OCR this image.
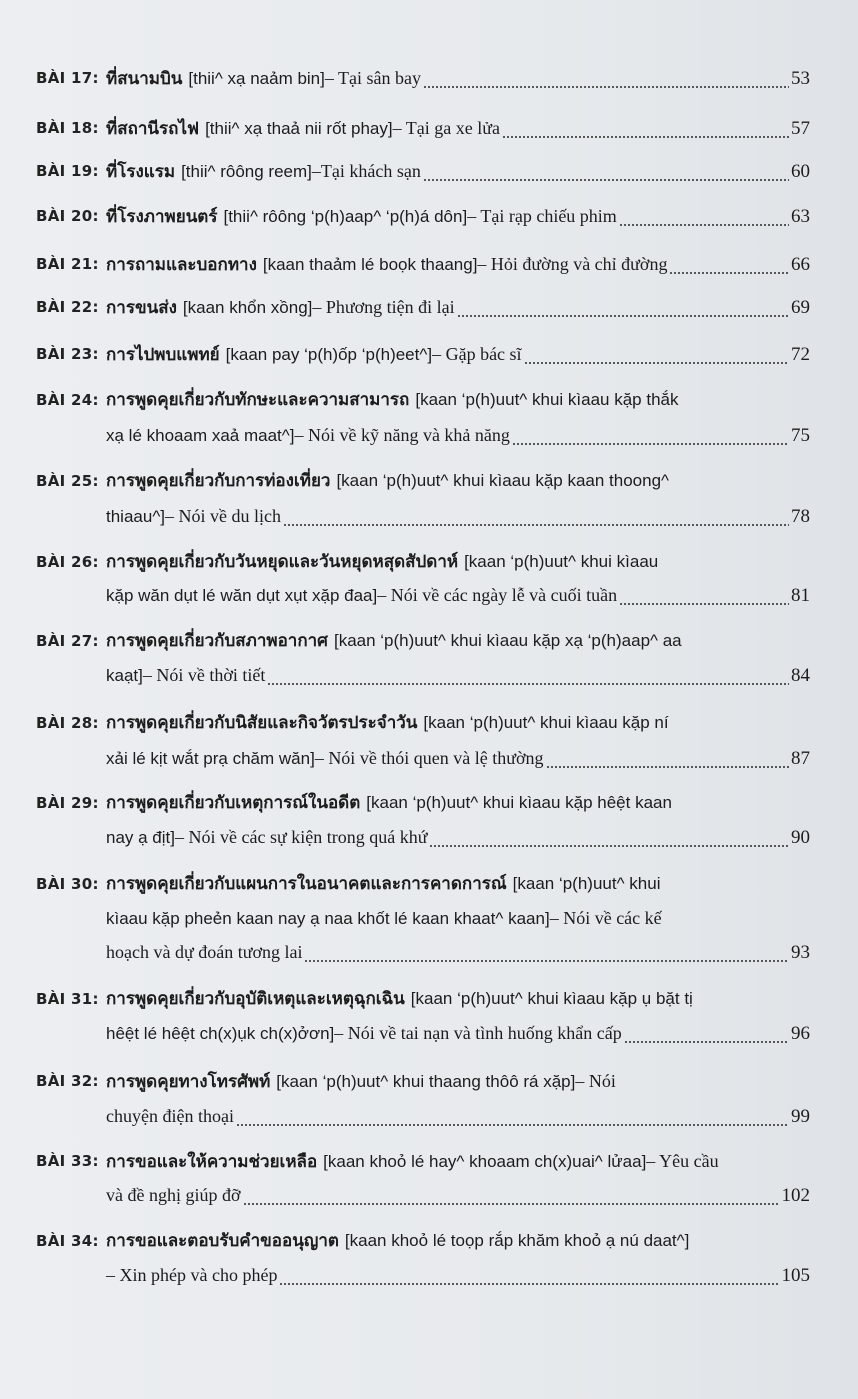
BÀI 17: ที่สนามบิน [thii^ xạ naảm bin] – Tại sân bay	53
BÀI 18: ที่สถานีรถไฟ [thii^ xạ thaả nii rốt phay] – Tại ga xe lửa	57
BÀI 19: ที่โรงแรม [thii^ rôông reem] –Tại khách sạn	60
BÀI 20: ที่โรงภาพยนตร์ [thii^ rôông ‘p(h)aap^ ‘p(h)á dôn] – Tại rạp chiếu phim	63
BÀI 21: การถามและบอกทาง [kaan thaảm lé boọk thaang] – Hỏi đường và chỉ đường	66
BÀI 22: การขนส่ง [kaan khổn xồng] – Phương tiện đi lại	69
BÀI 23: การไปพบแพทย์ [kaan pay ‘p(h)ốp ‘p(h)eet^] – Gặp bác sĩ	72
BÀI 24: การพูดคุยเกี่ยวกับทักษะและความสามารถ [kaan ‘p(h)uut^ khui kìaau kặp thắk
xạ lé khoaam xaả maat^] – Nói về kỹ năng và khả năng	75
BÀI 25: การพูดคุยเกี่ยวกับการท่องเที่ยว [kaan ‘p(h)uut^ khui kìaau kặp kaan thoong^
thiaau^] – Nói về du lịch	78
BÀI 26: การพูดคุยเกี่ยวกับวันหยุดและวันหยุดหสุดสัปดาห์ [kaan ‘p(h)uut^ khui kìaau
kặp wăn dụt lé wăn dụt xụt xặp đaa] – Nói về các ngày lễ và cuối tuần	81
BÀI 27: การพูดคุยเกี่ยวกับสภาพอากาศ [kaan ‘p(h)uut^ khui kìaau kặp xạ ‘p(h)aap^ aa
kaạt] – Nói về thời tiết	84
BÀI 28: การพูดคุยเกี่ยวกับนิสัยและกิจวัตรประจำวัน [kaan ‘p(h)uut^ khui kìaau kặp ní
xải lé kịt wắt prạ chăm wăn] – Nói về thói quen và lệ thường	87
BÀI 29: การพูดคุยเกี่ยวกับเหตุการณ์ในอดีต [kaan ‘p(h)uut^ khui kìaau kặp hêệt kaan
nay ạ địt] – Nói về các sự kiện trong quá khứ	90
BÀI 30: การพูดคุยเกี่ยวกับแผนการในอนาคตและการคาดการณ์ [kaan ‘p(h)uut^ khui
kìaau kặp pheẻn kaan nay ạ naa khốt lé kaan khaat^ kaan] – Nói về các kế
hoạch và dự đoán tương lai	93
BÀI 31: การพูดคุยเกี่ยวกับอุบัติเหตุและเหตุฉุกเฉิน [kaan ‘p(h)uut^ khui kìaau kặp ụ bặt tị
hêệt lé hêệt ch(x)ụk ch(x)ởơn] – Nói về tai nạn và tình huống khẩn cấp	96
BÀI 32: การพูดคุยทางโทรศัพท์ [kaan ‘p(h)uut^ khui thaang thôô rá xặp] – Nói
chuyện điện thoại	99
BÀI 33: การขอและให้ความช่วยเหลือ [kaan khoỏ lé hay^ khoaam ch(x)uai^ lửaa] – Yêu cầu
và đề nghị giúp đỡ	102
BÀI 34: การขอและตอบรับคำขออนุญาต [kaan khoỏ lé toọp rắp khăm khoỏ ạ nú daat^]
– Xin phép và cho phép	105
